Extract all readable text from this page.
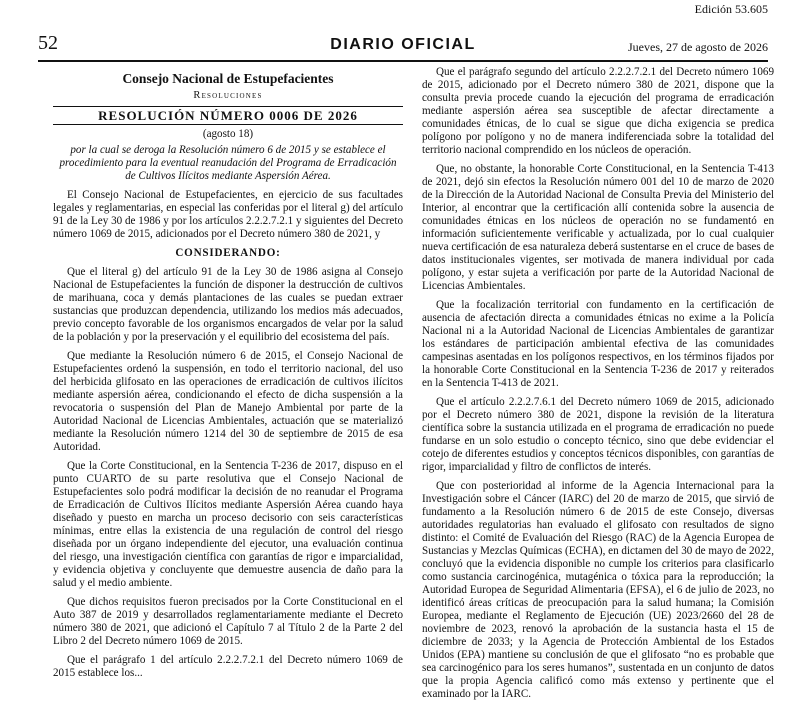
Edición 53.605
52	DIARIO OFICIAL	Jueves, 27 de agosto de 2026
Consejo Nacional de Estupefacientes
Resoluciones
RESOLUCIÓN NÚMERO 0006 DE 2026
(agosto 18)

por la cual se deroga la Resolución número 6 de 2015 y se establece el procedimiento para la eventual reanudación del Programa de Erradicación de Cultivos Ilícitos mediante Aspersión Aérea.

El Consejo Nacional de Estupefacientes, en ejercicio de sus facultades legales y reglamentarias, en especial las conferidas por el literal g) del artículo 91 de la Ley 30 de 1986 y por los artículos 2.2.2.7.2.1 y siguientes del Decreto número 1069 de 2015, adicionados por el Decreto número 380 de 2021, y

CONSIDERANDO:

Que el literal g) del artículo 91 de la Ley 30 de 1986 asigna al Consejo Nacional de Estupefacientes la función de disponer la destrucción de cultivos de marihuana, coca y demás plantaciones de las cuales se puedan extraer sustancias que produzcan dependencia, utilizando los medios más adecuados, previo concepto favorable de los organismos encargados de velar por la salud de la población y por la preservación y el equilibrio del ecosistema del país.

Que mediante la Resolución número 6 de 2015, el Consejo Nacional de Estupefacientes ordenó la suspensión, en todo el territorio nacional, del uso del herbicida glifosato en las operaciones de erradicación de cultivos ilícitos mediante aspersión aérea, condicionando el efecto de dicha suspensión a la revocatoria o suspensión del Plan de Manejo Ambiental por parte de la Autoridad Nacional de Licencias Ambientales, actuación que se materializó mediante la Resolución número 1214 del 30 de septiembre de 2015 de esa Autoridad.

Que la Corte Constitucional, en la Sentencia T-236 de 2017, dispuso en el punto CUARTO de su parte resolutiva que el Consejo Nacional de Estupefacientes solo podrá modificar la decisión de no reanudar el Programa de Erradicación de Cultivos Ilícitos mediante Aspersión Aérea cuando haya diseñado y puesto en marcha un proceso decisorio con seis características mínimas, entre ellas la existencia de una regulación de control del riesgo diseñada por un órgano independiente del ejecutor, una evaluación continua del riesgo, una investigación científica con garantías de rigor e imparcialidad, y evidencia objetiva y concluyente que demuestre ausencia de daño para la salud y el medio ambiente.

Que dichos requisitos fueron precisados por la Corte Constitucional en el Auto 387 de 2019 y desarrollados reglamentariamente mediante el Decreto número 380 de 2021, que adicionó el Capítulo 7 al Título 2 de la Parte 2 del Libro 2 del Decreto número 1069 de 2015.

Que el parágrafo 1 del artículo 2.2.2.7.2.1 del Decreto número 1069 de 2015 establece los...

Que el parágrafo segundo del artículo 2.2.2.7.2.1 del Decreto número 1069 de 2015, adicionado por el Decreto número 380 de 2021, dispone que la consulta previa procede cuando la ejecución del programa de erradicación mediante aspersión aérea sea susceptible de afectar directamente a comunidades étnicas, de lo cual se sigue que dicha exigencia se predica polígono por polígono y no de manera indiferenciada sobre la totalidad del territorio nacional comprendido en los núcleos de operación.

Que, no obstante, la honorable Corte Constitucional, en la Sentencia T-413 de 2021, dejó sin efectos la Resolución número 001 del 10 de marzo de 2020 de la Dirección de la Autoridad Nacional de Consulta Previa del Ministerio del Interior, al encontrar que la certificación allí contenida sobre la ausencia de comunidades étnicas en los núcleos de operación no se fundamentó en información suficientemente verificable y actualizada, por lo cual cualquier nueva certificación de esa naturaleza deberá sustentarse en el cruce de bases de datos institucionales vigentes, ser motivada de manera individual por cada polígono, y estar sujeta a verificación por parte de la Autoridad Nacional de Licencias Ambientales.

Que la focalización territorial con fundamento en la certificación de ausencia de afectación directa a comunidades étnicas no exime a la Policía Nacional ni a la Autoridad Nacional de Licencias Ambientales de garantizar los estándares de participación ambiental efectiva de las comunidades campesinas asentadas en los polígonos respectivos, en los términos fijados por la honorable Corte Constitucional en la Sentencia T-236 de 2017 y reiterados en la Sentencia T-413 de 2021.

Que el artículo 2.2.2.7.6.1 del Decreto número 1069 de 2015, adicionado por el Decreto número 380 de 2021, dispone la revisión de la literatura científica sobre la sustancia utilizada en el programa de erradicación no puede fundarse en un solo estudio o concepto técnico, sino que debe evidenciar el cotejo de diferentes estudios y conceptos técnicos disponibles, con garantías de rigor, imparcialidad y filtro de conflictos de interés.

Que con posterioridad al informe de la Agencia Internacional para la Investigación sobre el Cáncer (IARC) del 20 de marzo de 2015, que sirvió de fundamento a la Resolución número 6 de 2015 de este Consejo, diversas autoridades regulatorias han evaluado el glifosato con resultados de signo distinto: el Comité de Evaluación del Riesgo (RAC) de la Agencia Europea de Sustancias y Mezclas Químicas (ECHA), en dictamen del 30 de mayo de 2022, concluyó que la evidencia disponible no cumple los criterios para clasificarlo como sustancia carcinogénica, mutagénica o tóxica para la reproducción; la Autoridad Europea de Seguridad Alimentaria (EFSA), el 6 de julio de 2023, no identificó áreas críticas de preocupación para la salud humana; la Comisión Europea, mediante el Reglamento de Ejecución (UE) 2023/2660 del 28 de noviembre de 2023, renovó la aprobación de la sustancia hasta el 15 de diciembre de 2033; y la Agencia de Protección Ambiental de los Estados Unidos (EPA) mantiene su conclusión de que el glifosato “no es probable que sea carcinogénico para los seres humanos”, sustentada en un conjunto de datos que la propia Agencia calificó como más extenso y pertinente que el examinado por la IARC.
